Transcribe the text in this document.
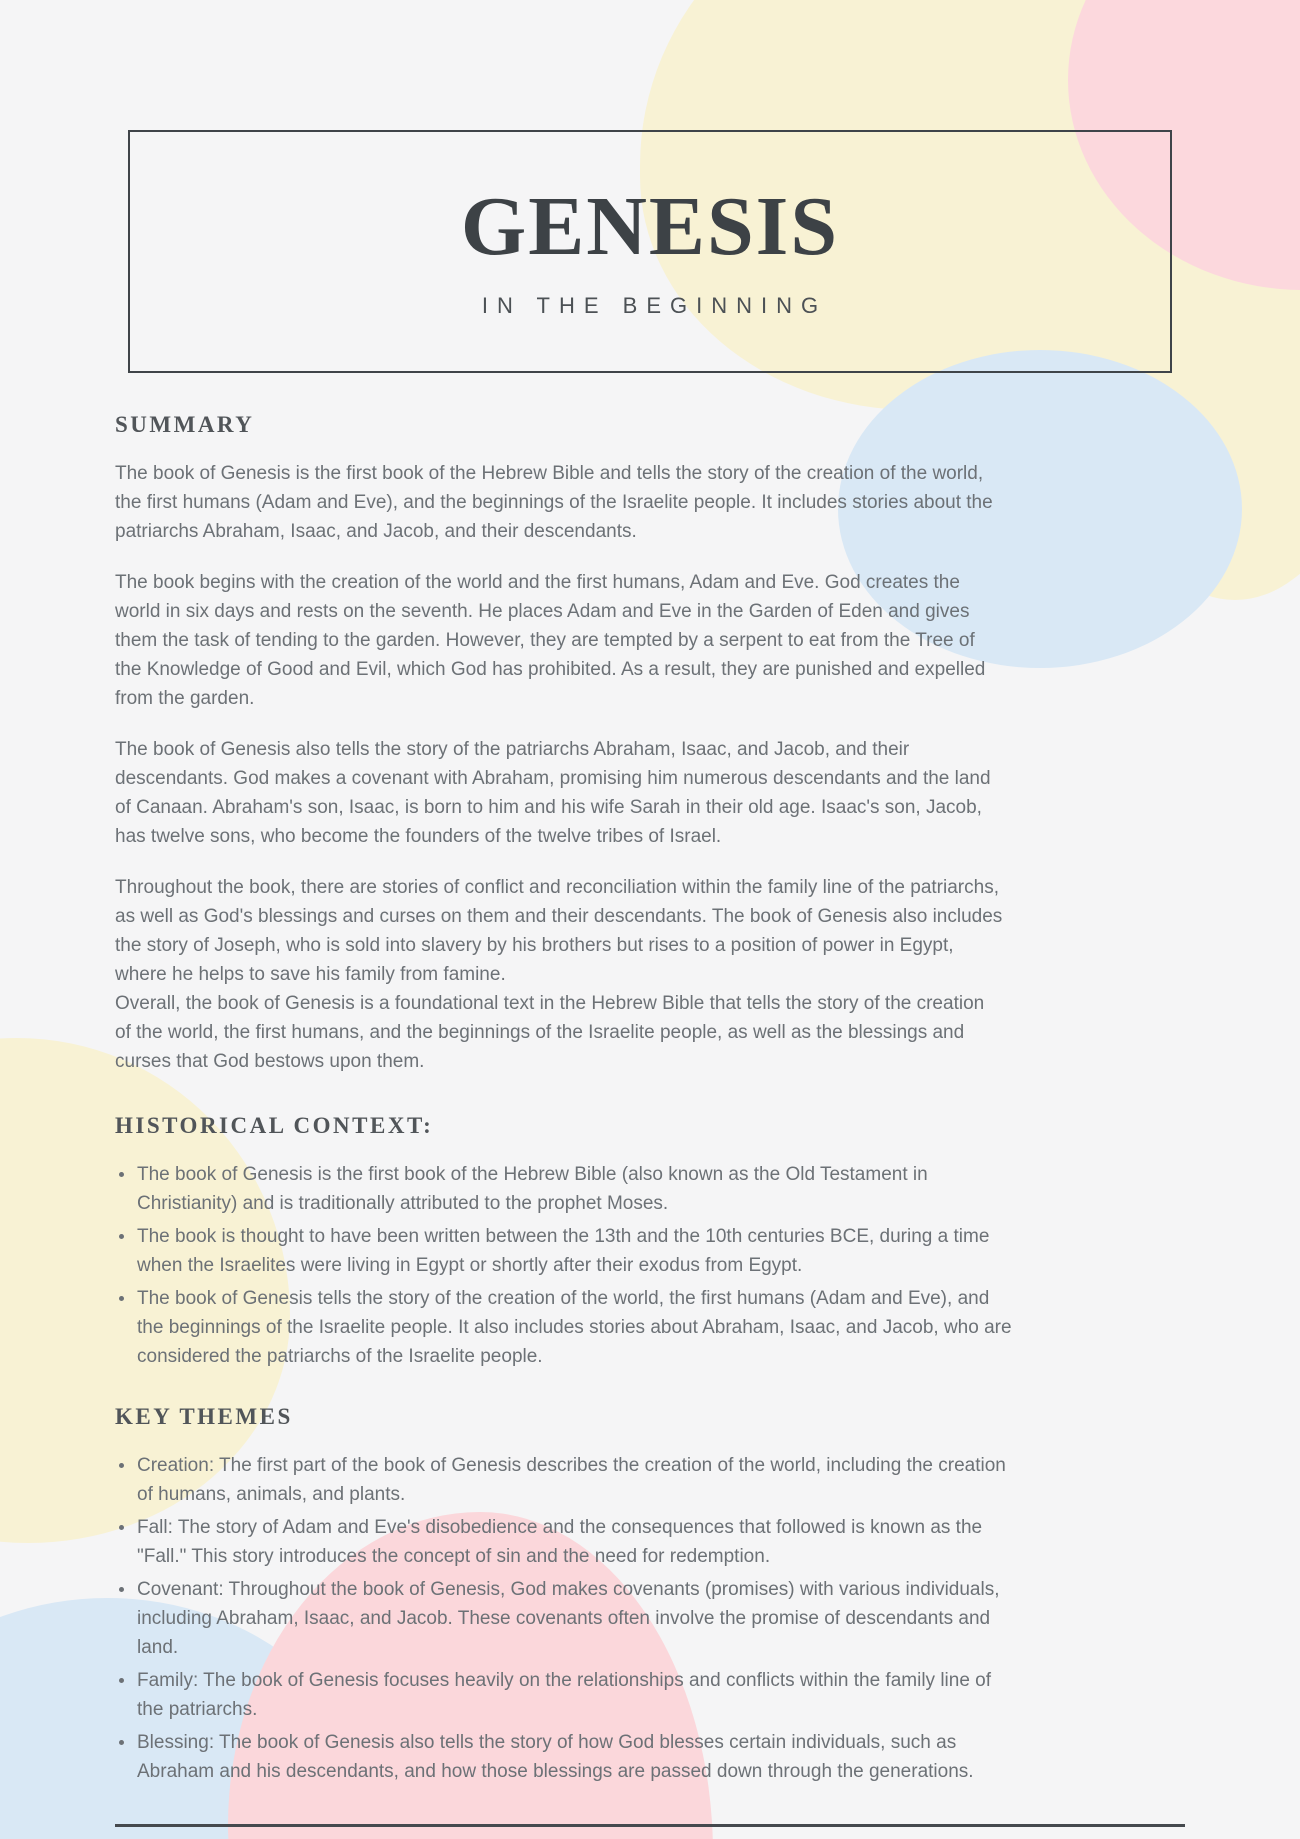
GENESIS
IN THE BEGINNING
SUMMARY

The book of Genesis is the first book of the Hebrew Bible and tells the story of the creation of the world, the first humans (Adam and Eve), and the beginnings of the Israelite people. It includes stories about the patriarchs Abraham, Isaac, and Jacob, and their descendants.

The book begins with the creation of the world and the first humans, Adam and Eve. God creates the world in six days and rests on the seventh. He places Adam and Eve in the Garden of Eden and gives them the task of tending to the garden. However, they are tempted by a serpent to eat from the Tree of the Knowledge of Good and Evil, which God has prohibited. As a result, they are punished and expelled from the garden.

The book of Genesis also tells the story of the patriarchs Abraham, Isaac, and Jacob, and their descendants. God makes a covenant with Abraham, promising him numerous descendants and the land of Canaan. Abraham's son, Isaac, is born to him and his wife Sarah in their old age. Isaac's son, Jacob, has twelve sons, who become the founders of the twelve tribes of Israel.

Throughout the book, there are stories of conflict and reconciliation within the family line of the patriarchs, as well as God's blessings and curses on them and their descendants. The book of Genesis also includes the story of Joseph, who is sold into slavery by his brothers but rises to a position of power in Egypt, where he helps to save his family from famine.

Overall, the book of Genesis is a foundational text in the Hebrew Bible that tells the story of the creation of the world, the first humans, and the beginnings of the Israelite people, as well as the blessings and curses that God bestows upon them.

HISTORICAL CONTEXT:
The book of Genesis is the first book of the Hebrew Bible (also known as the Old Testament in Christianity) and is traditionally attributed to the prophet Moses.
The book is thought to have been written between the 13th and the 10th centuries BCE, during a time when the Israelites were living in Egypt or shortly after their exodus from Egypt.
The book of Genesis tells the story of the creation of the world, the first humans (Adam and Eve), and the beginnings of the Israelite people. It also includes stories about Abraham, Isaac, and Jacob, who are considered the patriarchs of the Israelite people.
KEY THEMES
Creation: The first part of the book of Genesis describes the creation of the world, including the creation of humans, animals, and plants.
Fall: The story of Adam and Eve's disobedience and the consequences that followed is known as the "Fall." This story introduces the concept of sin and the need for redemption.
Covenant: Throughout the book of Genesis, God makes covenants (promises) with various individuals, including Abraham, Isaac, and Jacob. These covenants often involve the promise of descendants and land.
Family: The book of Genesis focuses heavily on the relationships and conflicts within the family line of the patriarchs.
Blessing: The book of Genesis also tells the story of how God blesses certain individuals, such as Abraham and his descendants, and how those blessings are passed down through the generations.
